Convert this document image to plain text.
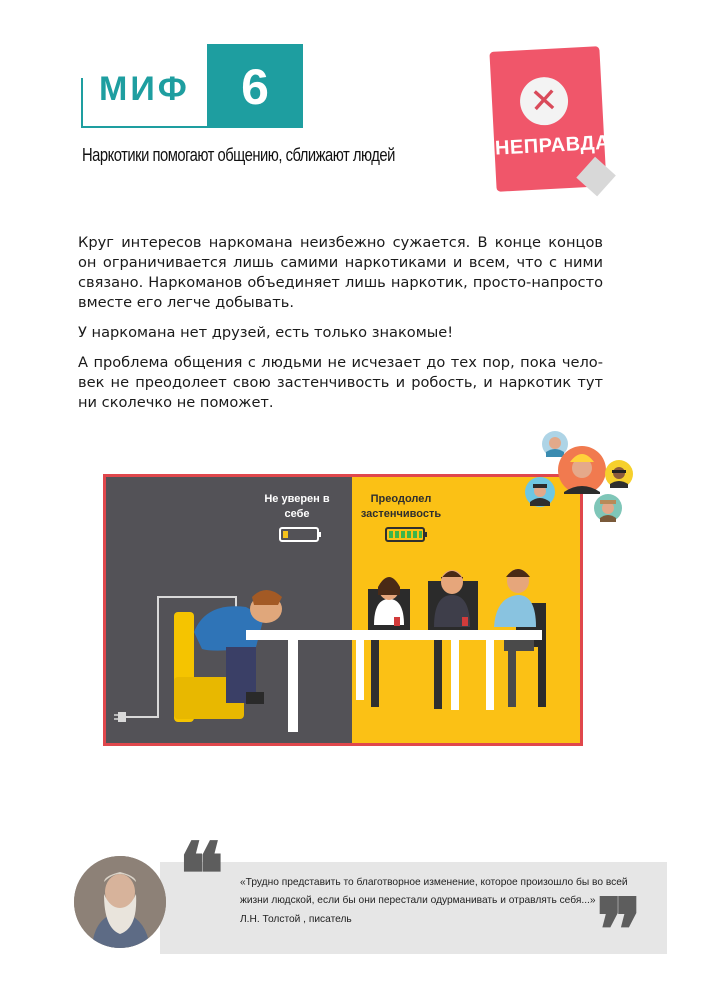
МИФ	6
Наркотики помогают общению, сближают людей
✕
НЕПРАВДА

Круг интересов наркомана неизбежно сужается. В конце концов он ограничивается лишь самими наркотиками и всем, что с ними связано. Наркоманов объединяет лишь наркотик, просто-напросто вместе его легче добывать.

У наркомана нет друзей, есть только знакомые!

А проблема общения с людьми не исчезает до тех пор, пока чело-век не преодолеет свою застенчивость и робость, и наркотик тут ни сколечко не поможет.

Не уверен в себе
Преодолел застенчивость
❝
❞
«Трудно представить то благотворное изменение, которое произошло бы во всей жизни людской, если бы они перестали одурманивать и отравлять себя...»
Л.Н. Толстой , писатель
